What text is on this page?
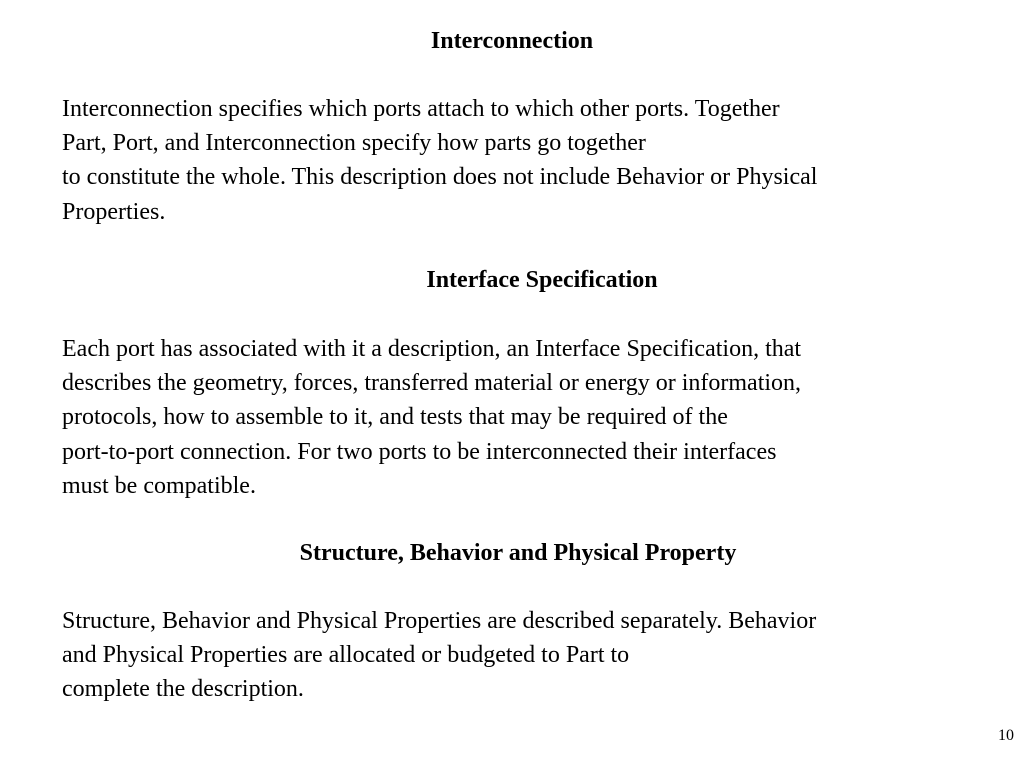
Interconnection
Interconnection specifies which ports attach to which other ports. Together
Part, Port, and Interconnection specify how parts go together
to constitute the whole. This description does not include Behavior or Physical
Properties.
Interface Specification
Each port has associated with it a description, an Interface Specification, that
describes the geometry, forces, transferred material or energy or information,
protocols, how to assemble to it, and tests that may be required of the
port-to-port connection. For two ports to be interconnected their interfaces
must be compatible.
Structure, Behavior and Physical Property
Structure, Behavior and Physical Properties are described separately. Behavior
and Physical Properties are allocated or budgeted to Part to
complete the description.
10
